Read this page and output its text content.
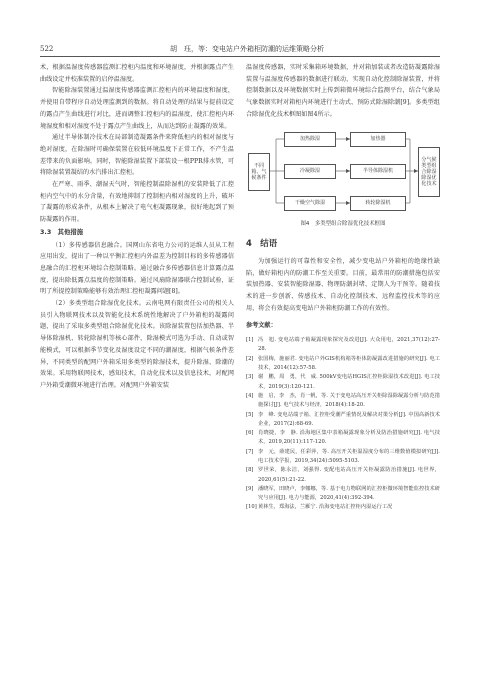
522	胡　珏，等：变电站户外箱柜防潮的运维策略分析

术，根据温湿度传感器监测汇控柜内温度和环境湿度，并根据露点产生曲线设定并校准装置的启停温湿度。

智能除湿装置通过温湿度传感器监测汇控柜内的环境温度和湿度，并使用自带程序自动处理监测到的数据。将自动处理的结果与提前设定的露点产生曲线进行对比，进而调整汇控柜内的温湿度，使汇控柜内环境湿度和相对湿度不处于露点产生曲线上，从而达到防止凝露的效果。

通过半导体制冷技术在局部制造凝露条件来降低柜内的相对湿度与绝对湿度，在除湿时可确保装置在较低环境温度下正常工作，不产生温差带来的负面影响。同时，智能除湿装置下部装设一根PPR排水管，可将除湿装置凝结的水汽排出汇控柜。

在严寒、雨季、潮湿天气时，智能控制温除湿机的安装降低了汇控柜内空气中的水分含量，有效地抑制了控制柜内相对湿度的上升，破坏了凝露的形成条件，从根本上解决了电气柜凝露现象，很好地起到了预防凝露的作用。

3.3　其他措施

（1）多传感器信息融合。国网山东省电力公司的运维人员从工程应用出发，提出了一种以平衡汇控柜内外温差为控制目标的多传感器信息融合的汇控柜环境综合控制策略。通过融合多传感器信息计算露点温度，提出除低露点温度的控制策略。通过风扇除湿器联合控制试验，证明了所提控制策略能够有效治理汇控柜凝露问题[8]。

（2）多类型组合除湿优化技术。云南电网有限责任公司的相关人员引入物联网技术以及智能化技术系统性地解决了户外箱柜的凝露问题，提出了采取多类型组合除湿优化技术。该除湿装置包括加热器、半导体除湿机、转轮除湿机等核心部件，除湿模式可选为手动、自动或智能模式，可以根据季节变化及湿度设定不同的潮湿度，根据气候条件差异，不同类型的配网户外箱采用多类型的除湿技术，提升除湿、除潮的效果。采用物联网技术，感知技术，自动化技术以及信息技术，对配网户外箱受潮微环境进行治理。对配网户外箱安装

温湿度传感器，实时采集箱环境数据，并对箱加装或者改造防凝露除湿装置与温湿度传感器的数据进行联动，实现自动化控制除湿装置，并将控制数据以及环境数据实时上传到箱微环境综合监测平台，结合气象局气象数据实时对箱柜内环境进行主动式、预防式除湿除潮[9]。多类型组合除湿优化技术框图如图4所示。

不同箱、气候条件
加热除湿	加热器
冷凝除湿	半导体除湿机
干燥空气除湿	转轮除湿机
分气候类型组合除湿除湿优化技术
图4　多类型组合除湿优化技术框图
4　结语

为加强运行的可靠性和安全性，减少变电站户外箱柜的绝缘性缺陷，做好箱柜内的防潮工作至关重要。目前，最常用的防潮措施包括安装加热器、安装智能除湿器、物理防潮封堵、定期人为干预等。随着技术的进一步创新、传感技术、自动化控制技术、远程监控技术等的应用，将会有效提高变电站户外箱柜防潮工作的有效性。

参考文献：
[1] 冯　旭. 变电站端子箱凝露现象探究及改进[J]. 大众用电，2021,37(12):27-28.
[2] 张国梅，施丽君. 变电站户外GIS机构箱等柜体防凝露改进措施的研究[J]. 电工技术，2014(12):57-58.
[3] 谢　鹏，周　勇，代　威. 500kV变电站HGIS汇控柜除湿技术改进[J]. 电工技术，2019(3):120-121.
[4] 施　启，李　杰，肖一帆，等. 关于变电站高压开关柜除湿除凝露分析与防范措施探讨[J]. 电气技术与经济，2018(4):18-20.
[5] 李　峰. 变电站端子箱、汇控柜受潮严重情况及解决对策分析[J]. 中国高新技术企业，2017(2):68-69.
[6] 肖晓捷，李　静. 沿海地区集中表箱凝露现象分析及防治措施研究[J]. 电气技术，2019,20(11):117-120.
[7] 李　元，薛建民，任彩萍，等. 高压开关柜温湿度分布的三维数值模拟研究[J]. 电工技术学报，2019,34(24):5095-5103.
[8] 罗世荣，陈永洁，刘强得. 变配电站高压开关柜凝露防治措施[J]. 电世界，2020,61(5):21-22.
[9] 潘晓军，田晓卢，李娜娜，等. 基于电力物联网的汇控柜微环境智能监控技术研究与应用[J]. 电力与能源，2020,41(4):392-394.
[10] 黄林生，郑海法，兰雁宁. 沿海变电站汇控柜内湿运行工况
